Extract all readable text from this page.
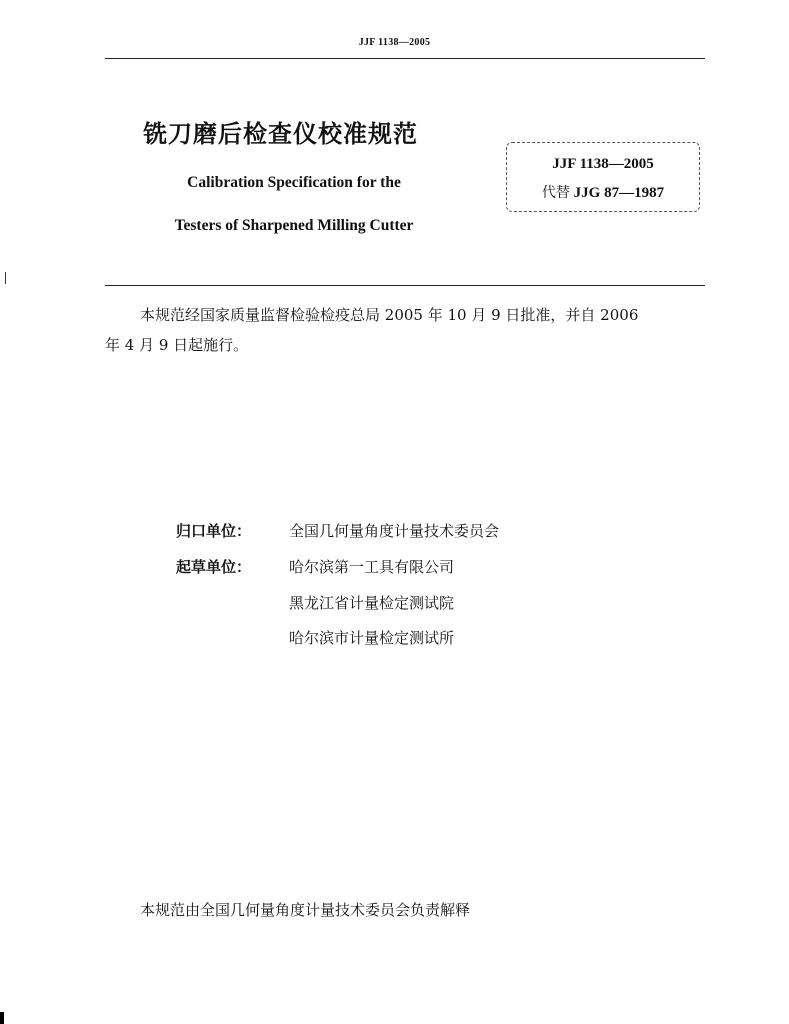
JJF 1138—2005
铣刀磨后检查仪校准规范
Calibration Specification for the
Testers of Sharpened Milling Cutter
JJF 1138—2005
代替 JJG 87—1987
本规范经国家质量监督检验检疫总局 2005 年 10 月 9 日批准，并自 2006
年 4 月 9 日起施行。
归口单位：	全国几何量角度计量技术委员会
起草单位：	哈尔滨第一工具有限公司
黑龙江省计量检定测试院
哈尔滨市计量检定测试所
本规范由全国几何量角度计量技术委员会负责解释
